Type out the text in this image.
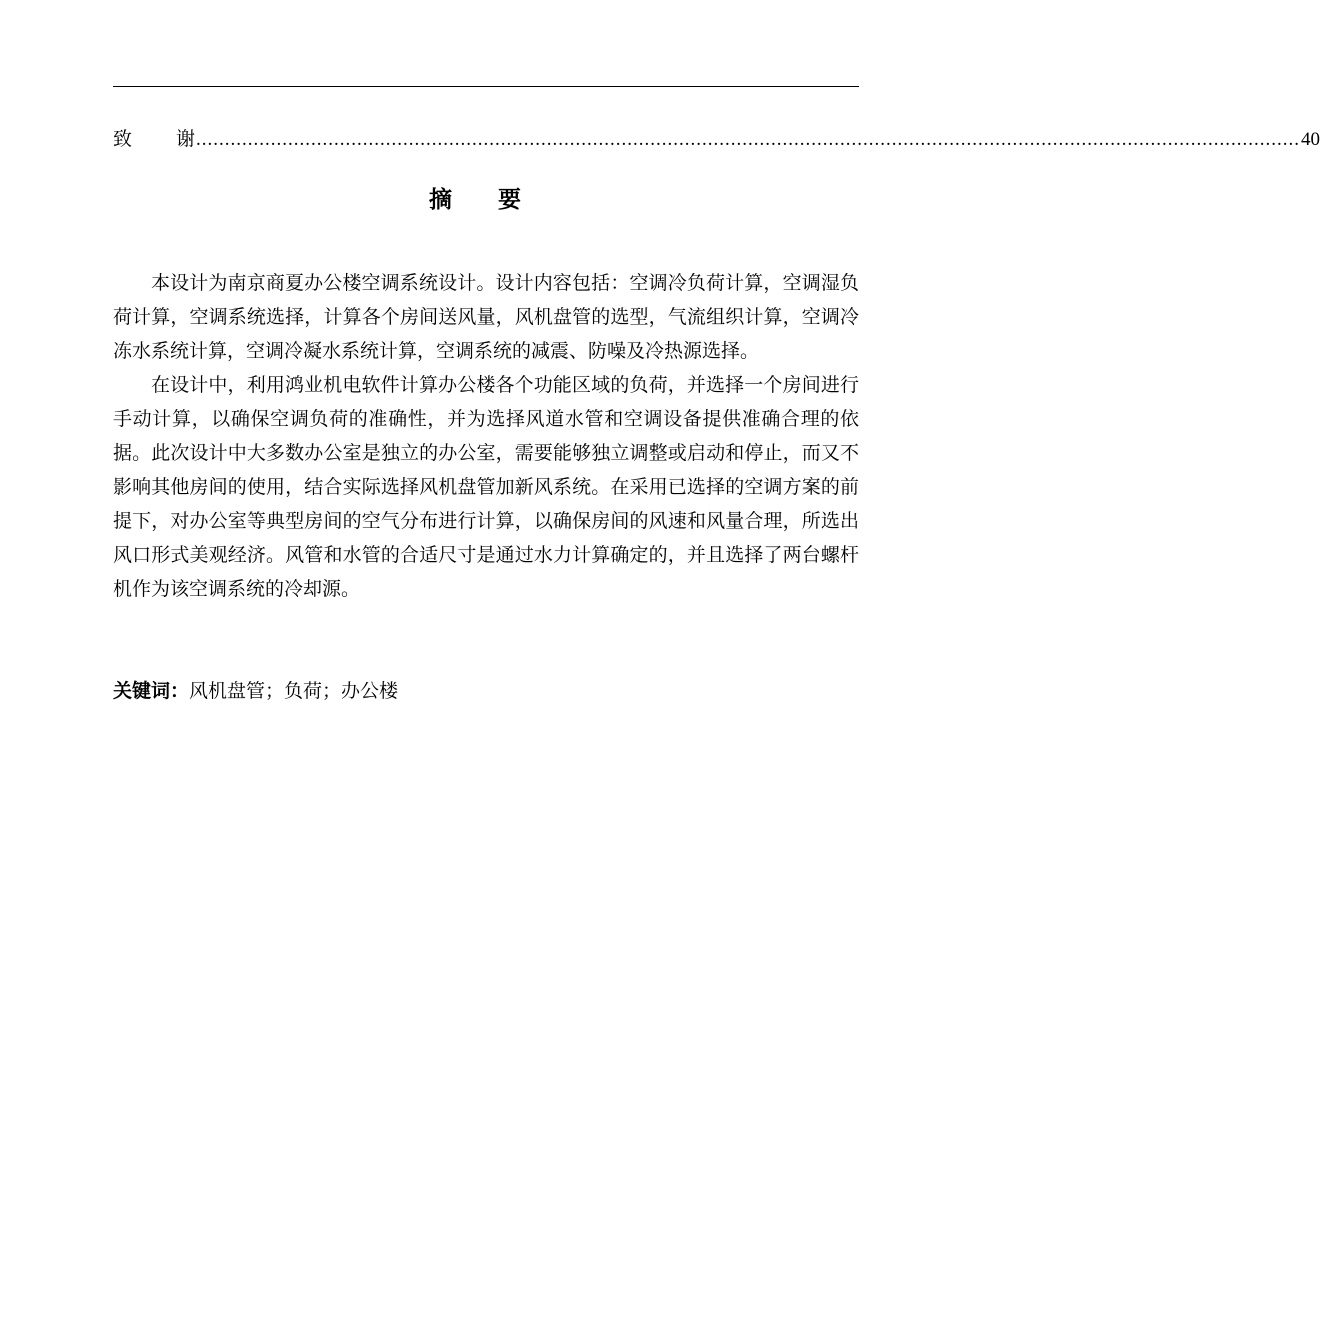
致 谢 ................................................................................................................................................................................................ 40
摘 要

本设计为南京商夏办公楼空调系统设计。设计内容包括：空调冷负荷计算，空调湿负荷计算，空调系统选择，计算各个房间送风量，风机盘管的选型，气流组织计算，空调冷冻水系统计算，空调冷凝水系统计算，空调系统的减震、防噪及冷热源选择。

在设计中，利用鸿业机电软件计算办公楼各个功能区域的负荷，并选择一个房间进行手动计算，以确保空调负荷的准确性，并为选择风道水管和空调设备提供准确合理的依据。此次设计中大多数办公室是独立的办公室，需要能够独立调整或启动和停止，而又不影响其他房间的使用，结合实际选择风机盘管加新风系统。在采用已选择的空调方案的前提下，对办公室等典型房间的空气分布进行计算，以确保房间的风速和风量合理，所选出风口形式美观经济。风管和水管的合适尺寸是通过水力计算确定的，并且选择了两台螺杆机作为该空调系统的冷却源。

关键词：风机盘管；负荷；办公楼
